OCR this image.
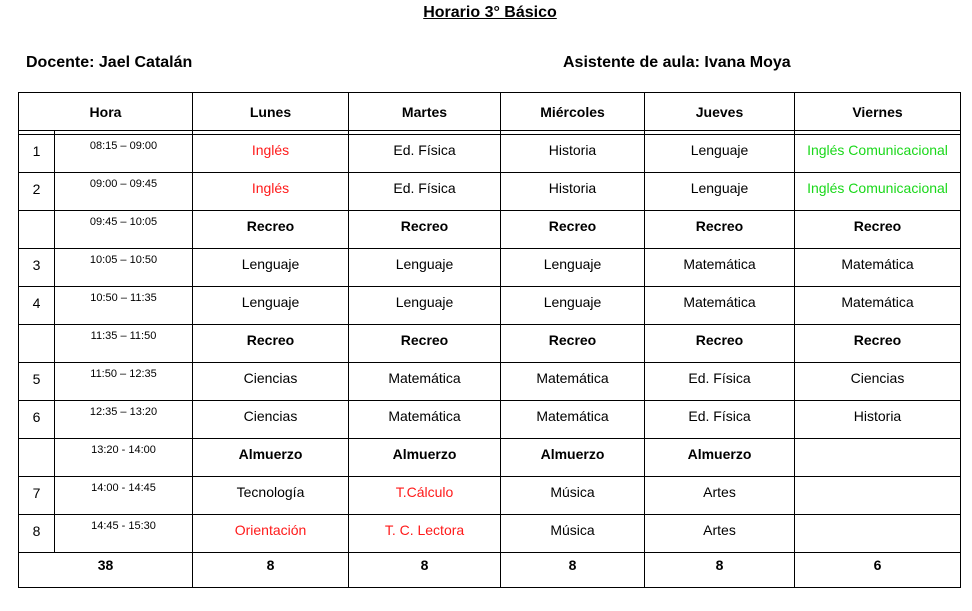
Horario 3° Básico
Docente: Jael Catalán	Asistente de aula: Ivana Moya
Hora		Lunes	Martes	Miércoles	Jueves	Viernes

1	08:15 – 09:00	Inglés	Ed. Física	Historia	Lenguaje	Inglés Comunicacional
2	09:00 – 09:45	Inglés	Ed. Física	Historia	Lenguaje	Inglés Comunicacional
	09:45 – 10:05	Recreo	Recreo	Recreo	Recreo	Recreo
3	10:05 – 10:50	Lenguaje	Lenguaje	Lenguaje	Matemática	Matemática
4	10:50 – 11:35	Lenguaje	Lenguaje	Lenguaje	Matemática	Matemática
	11:35 – 11:50	Recreo	Recreo	Recreo	Recreo	Recreo
5	11:50 – 12:35	Ciencias	Matemática	Matemática	Ed. Física	Ciencias
6	12:35 – 13:20	Ciencias	Matemática	Matemática	Ed. Física	Historia
	13:20 - 14:00	Almuerzo	Almuerzo	Almuerzo	Almuerzo	
7	14:00 - 14:45	Tecnología	T.Cálculo	Música	Artes	
8	14:45 - 15:30	Orientación	T. C. Lectora	Música	Artes	
38		8	8	8	8	6
